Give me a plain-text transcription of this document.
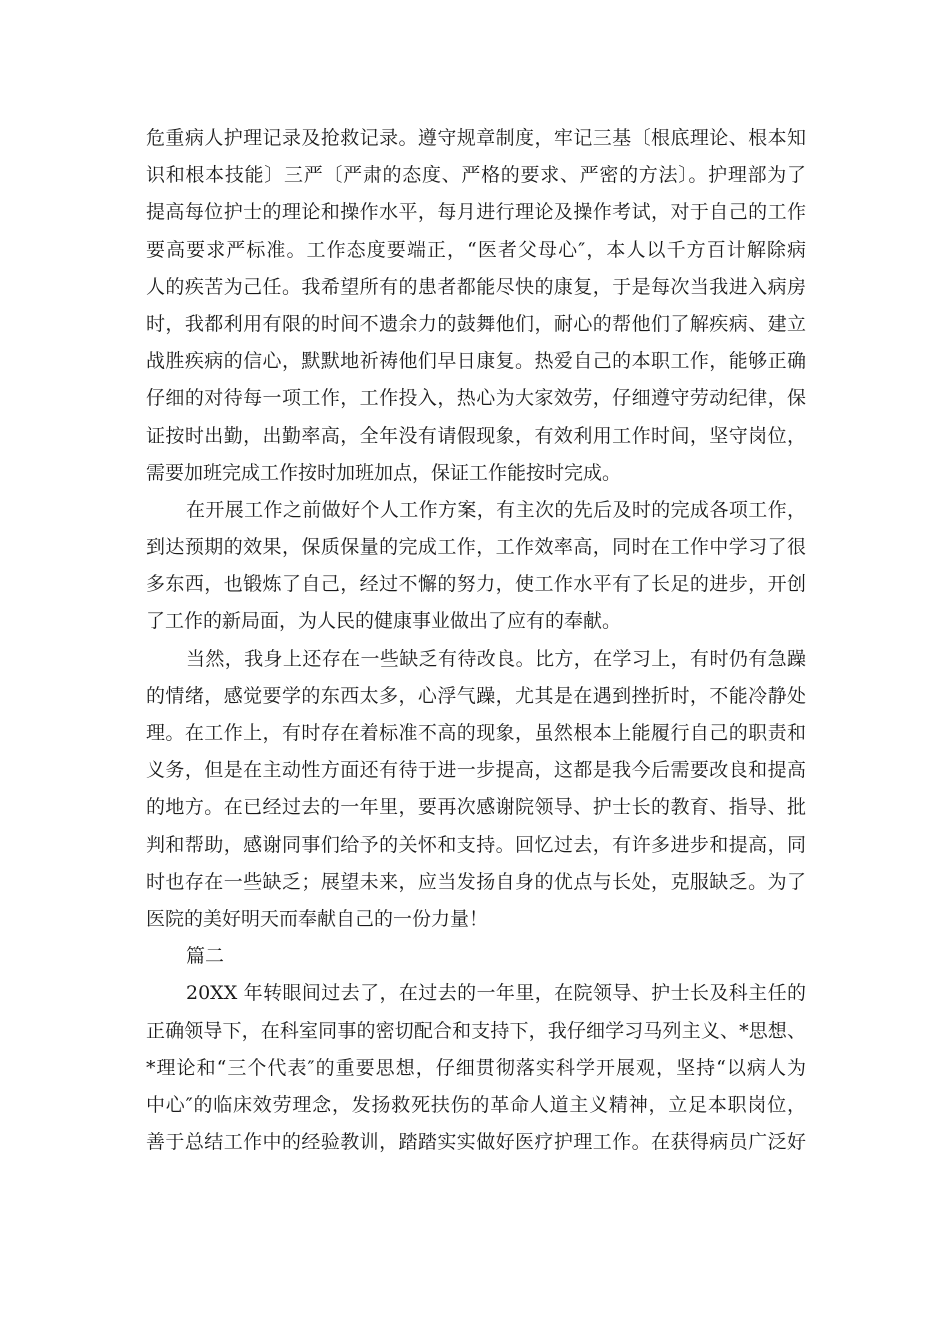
危重病人护理记录及抢救记录。遵守规章制度，牢记三基〔根底理论、根本知
识和根本技能〕三严〔严肃的态度、严格的要求、严密的方法〕。护理部为了
提高每位护士的理论和操作水平，每月进行理论及操作考试，对于自己的工作
要高要求严标准。工作态度要端正，“医者父母心″，本人以千方百计解除病
人的疾苦为己任。我希望所有的患者都能尽快的康复，于是每次当我进入病房
时，我都利用有限的时间不遗余力的鼓舞他们，耐心的帮他们了解疾病、建立
战胜疾病的信心，默默地祈祷他们早日康复。热爱自己的本职工作，能够正确
仔细的对待每一项工作，工作投入，热心为大家效劳，仔细遵守劳动纪律，保
证按时出勤，出勤率高，全年没有请假现象，有效利用工作时间，坚守岗位，
需要加班完成工作按时加班加点，保证工作能按时完成。
在开展工作之前做好个人工作方案，有主次的先后及时的完成各项工作，
到达预期的效果，保质保量的完成工作，工作效率高，同时在工作中学习了很
多东西，也锻炼了自己，经过不懈的努力，使工作水平有了长足的进步，开创
了工作的新局面，为人民的健康事业做出了应有的奉献。
当然，我身上还存在一些缺乏有待改良。比方，在学习上，有时仍有急躁
的情绪，感觉要学的东西太多，心浮气躁，尤其是在遇到挫折时，不能冷静处
理。在工作上，有时存在着标准不高的现象，虽然根本上能履行自己的职责和
义务，但是在主动性方面还有待于进一步提高，这都是我今后需要改良和提高
的地方。在已经过去的一年里，要再次感谢院领导、护士长的教育、指导、批
判和帮助，感谢同事们给予的关怀和支持。回忆过去，有许多进步和提高，同
时也存在一些缺乏；展望未来，应当发扬自身的优点与长处，克服缺乏。为了
医院的美好明天而奉献自己的一份力量！
篇二
20XX 年转眼间过去了，在过去的一年里，在院领导、护士长及科主任的
正确领导下，在科室同事的密切配合和支持下，我仔细学习马列主义、*思想、
*理论和“三个代表″的重要思想，仔细贯彻落实科学开展观，坚持“以病人为
中心″的临床效劳理念，发扬救死扶伤的革命人道主义精神，立足本职岗位，
善于总结工作中的经验教训，踏踏实实做好医疗护理工作。在获得病员广泛好
